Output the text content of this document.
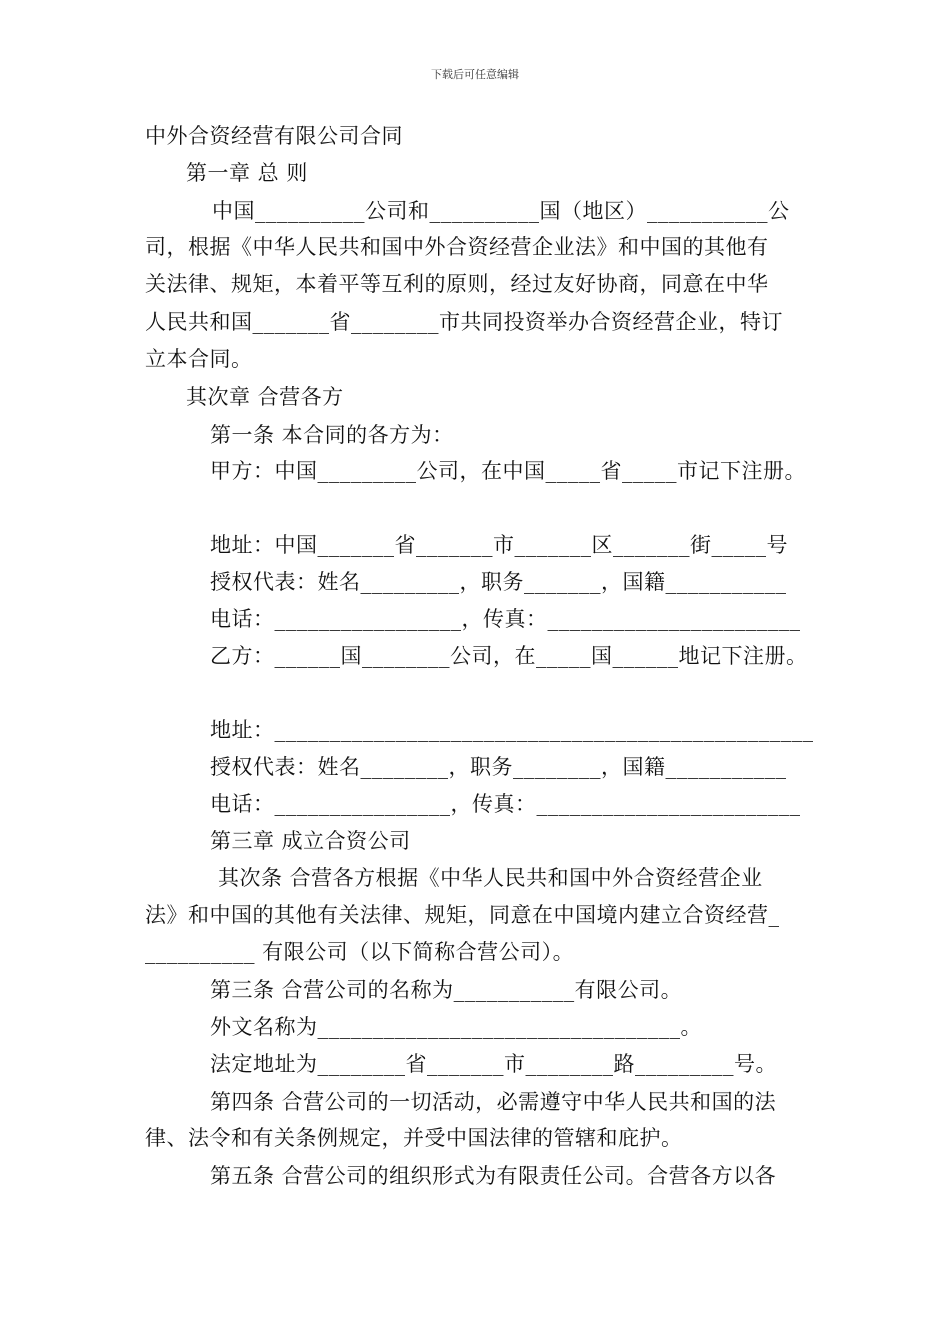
下载后可任意编辑
中外合资经营有限公司合同
第一章 总 则
中国__________公司和__________国（地区）___________公
司，根据《中华人民共和国中外合资经营企业法》和中国的其他有
关法律、规矩，本着平等互利的原则，经过友好协商，同意在中华
人民共和国_______省________市共同投资举办合资经营企业，特订
立本合同。
其次章 合营各方
第一条 本合同的各方为：
甲方：中国_________公司，在中国_____省_____市记下注册。
地址：中国_______省_______市_______区_______街_____号
授权代表：姓名_________，职务_______，国籍___________
电话：_________________，传真：_______________________
乙方：______国________公司，在_____国______地记下注册。
地址：_________________________________________________
授权代表：姓名________，职务________，国籍___________
电话：________________，传真：________________________
第三章 成立合资公司
其次条 合营各方根据《中华人民共和国中外合资经营企业
法》和中国的其他有关法律、规矩，同意在中国境内建立合资经营_
__________ 有限公司（以下简称合营公司）。
第三条 合营公司的名称为___________有限公司。
外文名称为_________________________________。
法定地址为________省_______市________路_________号。
第四条 合营公司的一切活动，必需遵守中华人民共和国的法
律、法令和有关条例规定，并受中国法律的管辖和庇护。
第五条 合营公司的组织形式为有限责任公司。合营各方以各
